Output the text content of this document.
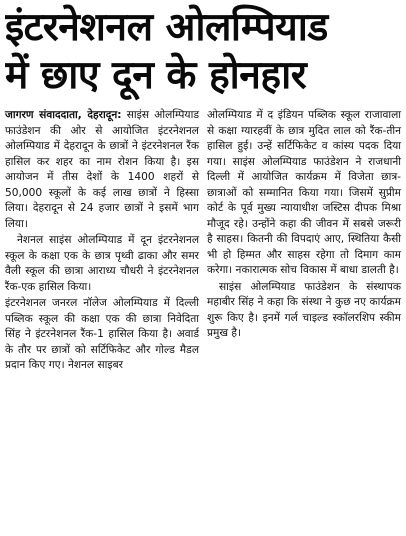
इंटरनेशनल ओलम्पियाड
में छाए दून के होनहार

जागरण संवाददाता, देहरादून: साइंस ओलम्पियाड फाउंडेशन की ओर से आयोजित इंटरनेशनल ओलम्पियाड में देहरादून के छात्रों ने इंटरनेशनल रैंक हासिल कर शहर का नाम रोशन किया है। इस आयोजन में तीस देशों के 1400 शहरों से 50,000 स्कूलों के कई लाख छात्रों ने हिस्सा लिया। देहरादून से 24 हजार छात्रों ने इसमें भाग लिया।

नेशनल साइंस ओलम्पियाड में दून इंटरनेशनल स्कूल के कक्षा एक के छात्र पृथ्वी ढाका और समर वैली स्कूल की छात्रा आराध्य चौधरी ने इंटरनेशनल रैंक-एक हासिल किया।

इंटरनेशनल जनरल नॉलेज ओलम्पियाड में दिल्ली पब्लिक स्कूल की कक्षा एक की छात्रा निवेदिता सिंह ने इंटरनेशनल रैंक-1 हासिल किया है। अवार्ड के तौर पर छात्रों को सर्टिफिकेट और गोल्ड मैडल प्रदान किए गए। नेशनल साइबर

ओलम्पियाड में द इंडियन पब्लिक स्कूल राजावाला से कक्षा ग्यारहवीं के छात्र मुदित लाल को रैंक-तीन हासिल हुई। उन्हें सर्टिफिकेट व कांस्य पदक दिया गया। साइंस ओलम्पियाड फाउंडेशन ने राजधानी दिल्ली में आयोजित कार्यक्रम में विजेता छात्र-छात्राओं को सम्मानित किया गया। जिसमें सुप्रीम कोर्ट के पूर्व मुख्य न्यायाधीश जस्टिस दीपक मिश्रा मौजूद रहे। उन्होंने कहा की जीवन में सबसे जरूरी है साहस। कितनी की विपदाएं आए, स्थितिया कैसी भी हो हिम्मत और साहस रहेगा तो दिमाग काम करेगा। नकारात्मक सोच विकास में बाधा डालती है।

साइंस ओलम्पियाड फाउंडेशन के संस्थापक महाबीर सिंह ने कहा कि संस्था ने कुछ नए कार्यक्रम शुरू किए है। इनमें गर्ल चाइल्ड स्कॉलरशिप स्कीम प्रमुख है।
